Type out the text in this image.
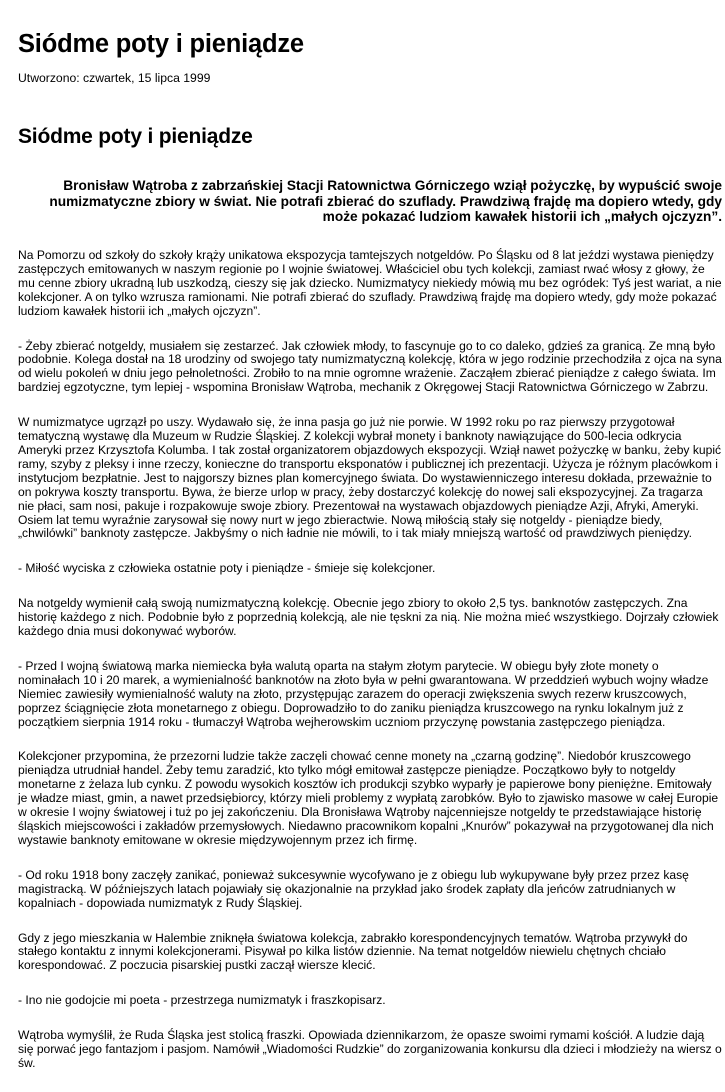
Siódme poty i pieniądze
Utworzono: czwartek, 15 lipca 1999
Siódme poty i pieniądze
Bronisław Wątroba z zabrzańskiej Stacji Ratownictwa Górniczego wziął pożyczkę, by wypuścić swoje numizmatyczne zbiory w świat. Nie potrafi zbierać do szuflady. Prawdziwą frajdę ma dopiero wtedy, gdy może pokazać ludziom kawałek historii ich „małych ojczyzn”.

Na Pomorzu od szkoły do szkoły krąży unikatowa ekspozycja tamtejszych notgeldów. Po Śląsku od 8 lat jeździ wystawa pieniędzy zastępczych emitowanych w naszym regionie po I wojnie światowej. Właściciel obu tych kolekcji, zamiast rwać włosy z głowy, że mu cenne zbiory ukradną lub uszkodzą, cieszy się jak dziecko. Numizmatycy niekiedy mówią mu bez ogródek: Tyś jest wariat, a nie kolekcjoner. A on tylko wzrusza ramionami. Nie potrafi zbierać do szuflady. Prawdziwą frajdę ma dopiero wtedy, gdy może pokazać ludziom kawałek historii ich „małych ojczyzn”.

- Żeby zbierać notgeldy, musiałem się zestarzeć. Jak człowiek młody, to fascynuje go to co daleko, gdzieś za granicą. Ze mną było podobnie. Kolega dostał na 18 urodziny od swojego taty numizmatyczną kolekcję, która w jego rodzinie przechodziła z ojca na syna od wielu pokoleń w dniu jego pełnoletności. Zrobiło to na mnie ogromne wrażenie. Zacząłem zbierać pieniądze z całego świata. Im bardziej egzotyczne, tym lepiej - wspomina Bronisław Wątroba, mechanik z Okręgowej Stacji Ratownictwa Górniczego w Zabrzu.

W numizmatyce ugrzązł po uszy. Wydawało się, że inna pasja go już nie porwie. W 1992 roku po raz pierwszy przygotował tematyczną wystawę dla Muzeum w Rudzie Śląskiej. Z kolekcji wybrał monety i banknoty nawiązujące do 500-lecia odkrycia Ameryki przez Krzysztofa Kolumba. I tak został organizatorem objazdowych ekspozycji. Wziął nawet pożyczkę w banku, żeby kupić ramy, szyby z pleksy i inne rzeczy, konieczne do transportu eksponatów i publicznej ich prezentacji. Użycza je różnym placówkom i instytucjom bezpłatnie. Jest to najgorszy biznes plan komercyjnego świata. Do wystawienniczego interesu dokłada, przeważnie to on pokrywa koszty transportu. Bywa, że bierze urlop w pracy, żeby dostarczyć kolekcję do nowej sali ekspozycyjnej. Za tragarza nie płaci, sam nosi, pakuje i rozpakowuje swoje zbiory. Prezentował na wystawach objazdowych pieniądze Azji, Afryki, Ameryki. Osiem lat temu wyraźnie zarysował się nowy nurt w jego zbieractwie. Nową miłością stały się notgeldy - pieniądze biedy, „chwilówki” banknoty zastępcze. Jakbyśmy o nich ładnie nie mówili, to i tak miały mniejszą wartość od prawdziwych pieniędzy.

- Miłość wyciska z człowieka ostatnie poty i pieniądze - śmieje się kolekcjoner.

Na notgeldy wymienił całą swoją numizmatyczną kolekcję. Obecnie jego zbiory to około 2,5 tys. banknotów zastępczych. Zna historię każdego z nich. Podobnie było z poprzednią kolekcją, ale nie tęskni za nią. Nie można mieć wszystkiego. Dojrzały człowiek każdego dnia musi dokonywać wyborów.

- Przed I wojną światową marka niemiecka była walutą oparta na stałym złotym parytecie. W obiegu były złote monety o nominałach 10 i 20 marek, a wymienialność banknotów na złoto była w pełni gwarantowana. W przeddzień wybuch wojny władze Niemiec zawiesiły wymienialność waluty na złoto, przystępując zarazem do operacji zwiększenia swych rezerw kruszcowych, poprzez ściągnięcie złota monetarnego z obiegu. Doprowadziło to do zaniku pieniądza kruszcowego na rynku lokalnym już z początkiem sierpnia 1914 roku - tłumaczył Wątroba wejherowskim uczniom przyczynę powstania zastępczego pieniądza.

Kolekcjoner przypomina, że przezorni ludzie także zaczęli chować cenne monety na „czarną godzinę”. Niedobór kruszcowego pieniądza utrudniał handel. Żeby temu zaradzić, kto tylko mógł emitował zastępcze pieniądze. Początkowo były to notgeldy monetarne z żelaza lub cynku. Z powodu wysokich kosztów ich produkcji szybko wyparły je papierowe bony pieniężne. Emitowały je władze miast, gmin, a nawet przedsiębiorcy, którzy mieli problemy z wypłatą zarobków. Było to zjawisko masowe w całej Europie w okresie I wojny światowej i tuż po jej zakończeniu. Dla Bronisława Wątroby najcenniejsze notgeldy te przedstawiające historię śląskich miejscowości i zakładów przemysłowych. Niedawno pracownikom kopalni „Knurów” pokazywał na przygotowanej dla nich wystawie banknoty emitowane w okresie międzywojennym przez ich firmę.

- Od roku 1918 bony zaczęły zanikać, ponieważ sukcesywnie wycofywano je z obiegu lub wykupywane były przez przez kasę magistracką. W późniejszych latach pojawiały się okazjonalnie na przykład jako środek zapłaty dla jeńców zatrudnianych w kopalniach - dopowiada numizmatyk z Rudy Śląskiej.

Gdy z jego mieszkania w Halembie zniknęła światowa kolekcja, zabrakło korespondencyjnych tematów. Wątroba przywykł do stałego kontaktu z innymi kolekcjonerami. Pisywał po kilka listów dziennie. Na temat notgeldów niewielu chętnych chciało korespondować. Z poczucia pisarskiej pustki zaczął wiersze klecić.

- Ino nie godojcie mi poeta - przestrzega numizmatyk i fraszkopisarz.

Wątroba wymyślił, że Ruda Śląska jest stolicą fraszki. Opowiada dziennikarzom, że opasze swoimi rymami kościół. A ludzie dają się porwać jego fantazjom i pasjom. Namówił „Wiadomości Rudzkie” do zorganizowania konkursu dla dzieci i młodzieży na wiersz o św.
